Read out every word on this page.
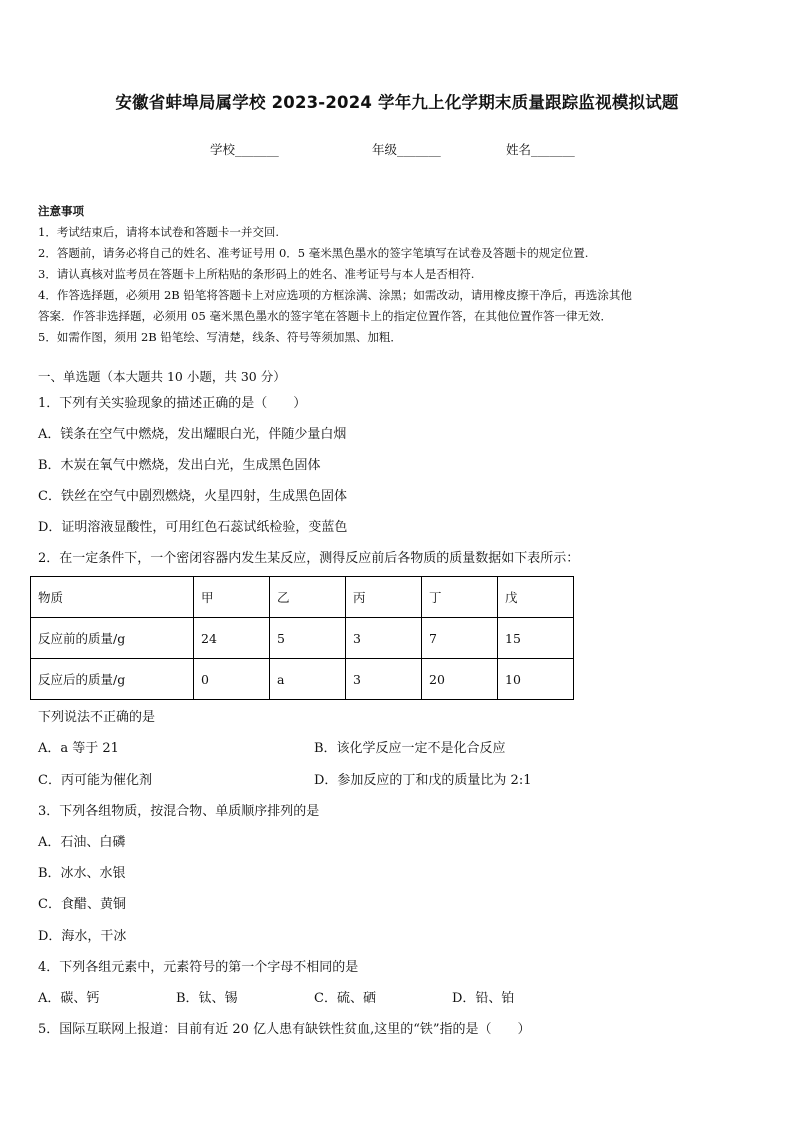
安徽省蚌埠局属学校 2023-2024 学年九上化学期末质量跟踪监视模拟试题
学校_______	年级_______	姓名_______
注意事项
1．考试结束后，请将本试卷和答题卡一并交回.
2．答题前，请务必将自己的姓名、准考证号用 0．5 毫米黑色墨水的签字笔填写在试卷及答题卡的规定位置.
3．请认真核对监考员在答题卡上所粘贴的条形码上的姓名、准考证号与本人是否相符.
4．作答选择题，必须用 2B 铅笔将答题卡上对应选项的方框涂满、涂黑；如需改动，请用橡皮擦干净后，再选涂其他
答案．作答非选择题，必须用 05 毫米黑色墨水的签字笔在答题卡上的指定位置作答，在其他位置作答一律无效．
5．如需作图，须用 2B 铅笔绘、写清楚，线条、符号等须加黑、加粗．
一、单选题（本大题共 10 小题，共 30 分）
1．下列有关实验现象的描述正确的是（　　）
A．镁条在空气中燃烧，发出耀眼白光，伴随少量白烟
B．木炭在氧气中燃烧，发出白光，生成黑色固体
C．铁丝在空气中剧烈燃烧，火星四射，生成黑色固体
D．证明溶液显酸性，可用红色石蕊试纸检验，变蓝色
2．在一定条件下，一个密闭容器内发生某反应，测得反应前后各物质的质量数据如下表所示：
物质	甲	乙	丙	丁	戊
反应前的质量/g	24	5	3	7	15
反应后的质量/g	0	a	3	20	10
下列说法不正确的是
A．a 等于 21	B．该化学反应一定不是化合反应
C．丙可能为催化剂	D．参加反应的丁和戊的质量比为 2:1
3．下列各组物质，按混合物、单质顺序排列的是
A．石油、白磷
B．冰水、水银
C．食醋、黄铜
D．海水，干冰
4．下列各组元素中，元素符号的第一个字母不相同的是
A．碳、钙	B．钛、锡	C．硫、硒	D．铅、铂
5．国际互联网上报道：目前有近 20 亿人患有缺铁性贫血,这里的“铁”指的是（　　）
